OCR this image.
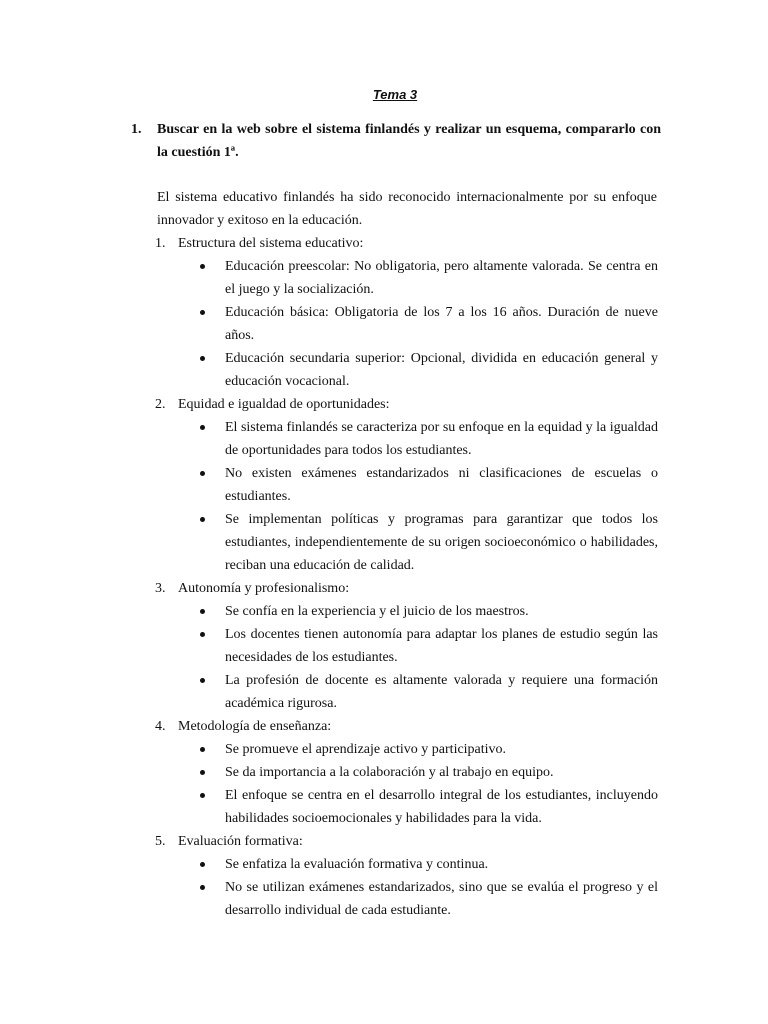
Tema 3
1. Buscar en la web sobre el sistema finlandés y realizar un esquema, compararlo con la cuestión 1ª.
El sistema educativo finlandés ha sido reconocido internacionalmente por su enfoque innovador y exitoso en la educación.
1. Estructura del sistema educativo:
Educación preescolar: No obligatoria, pero altamente valorada. Se centra en el juego y la socialización.
Educación básica: Obligatoria de los 7 a los 16 años. Duración de nueve años.
Educación secundaria superior: Opcional, dividida en educación general y educación vocacional.
2. Equidad e igualdad de oportunidades:
El sistema finlandés se caracteriza por su enfoque en la equidad y la igualdad de oportunidades para todos los estudiantes.
No existen exámenes estandarizados ni clasificaciones de escuelas o estudiantes.
Se implementan políticas y programas para garantizar que todos los estudiantes, independientemente de su origen socioeconómico o habilidades, reciban una educación de calidad.
3. Autonomía y profesionalismo:
Se confía en la experiencia y el juicio de los maestros.
Los docentes tienen autonomía para adaptar los planes de estudio según las necesidades de los estudiantes.
La profesión de docente es altamente valorada y requiere una formación académica rigurosa.
4. Metodología de enseñanza:
Se promueve el aprendizaje activo y participativo.
Se da importancia a la colaboración y al trabajo en equipo.
El enfoque se centra en el desarrollo integral de los estudiantes, incluyendo habilidades socioemocionales y habilidades para la vida.
5. Evaluación formativa:
Se enfatiza la evaluación formativa y continua.
No se utilizan exámenes estandarizados, sino que se evalúa el progreso y el desarrollo individual de cada estudiante.
